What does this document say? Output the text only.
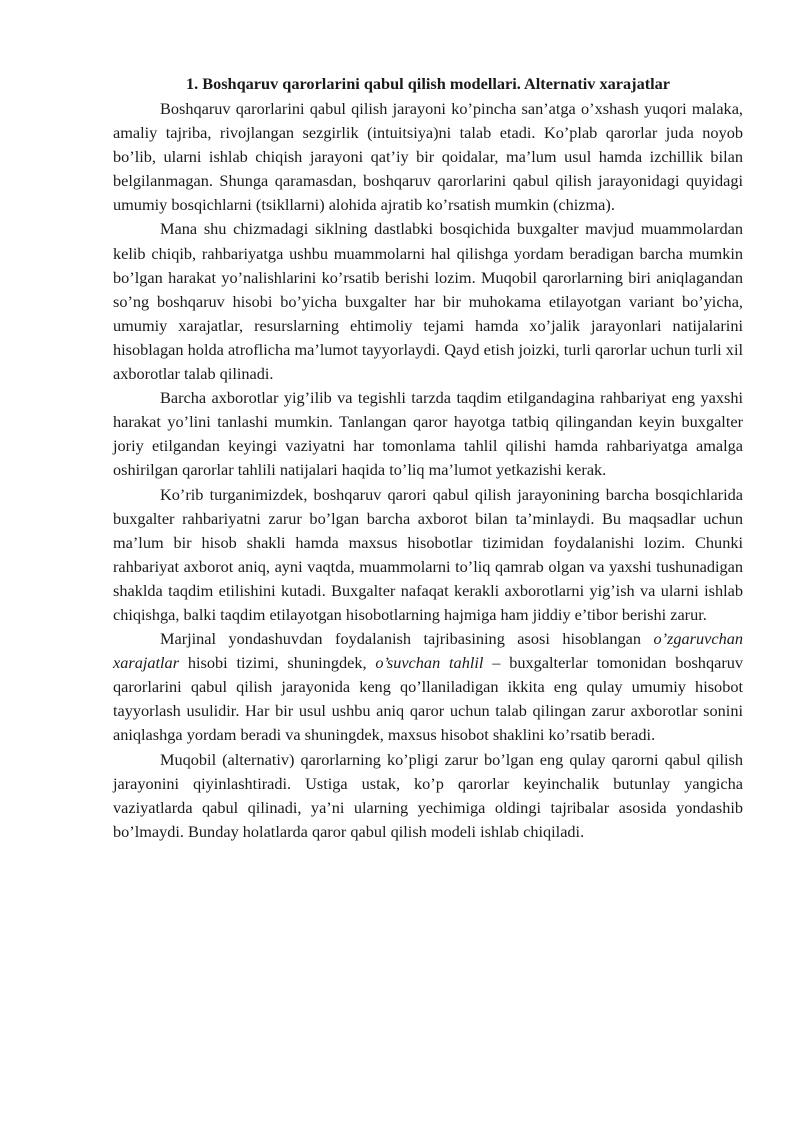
1. Boshqaruv qarorlarini qabul qilish modellari. Alternativ xarajatlar

Boshqaruv qarorlarini qabul qilish jarayoni ko’pincha san’atga o’xshash yuqori malaka, amaliy tajriba, rivojlangan sezgirlik (intuitsiya)ni talab etadi. Ko’plab qarorlar juda noyob bo’lib, ularni ishlab chiqish jarayoni qat’iy bir qoidalar, ma’lum usul hamda izchillik bilan belgilanmagan. Shunga qaramasdan, boshqaruv qarorlarini qabul qilish jarayonidagi quyidagi umumiy bosqichlarni (tsikllarni) alohida ajratib ko’rsatish mumkin (chizma).

Mana shu chizmadagi siklning dastlabki bosqichida buxgalter mavjud muammolardan kelib chiqib, rahbariyatga ushbu muammolarni hal qilishga yordam beradigan barcha mumkin bo’lgan harakat yo’nalishlarini ko’rsatib berishi lozim. Muqobil qarorlarning biri aniqlagandan so’ng boshqaruv hisobi bo’yicha buxgalter har bir muhokama etilayotgan variant bo’yicha, umumiy xarajatlar, resurslarning ehtimoliy tejami hamda xo’jalik jarayonlari natijalarini hisoblagan holda atroflicha ma’lumot tayyorlaydi. Qayd etish joizki, turli qarorlar uchun turli xil axborotlar talab qilinadi.

Barcha axborotlar yig’ilib va tegishli tarzda taqdim etilgandagina rahbariyat eng yaxshi harakat yo’lini tanlashi mumkin. Tanlangan qaror hayotga tatbiq qilingandan keyin buxgalter joriy etilgandan keyingi vaziyatni har tomonlama tahlil qilishi hamda rahbariyatga amalga oshirilgan qarorlar tahlili natijalari haqida to’liq ma’lumot yetkazishi kerak.

Ko’rib turganimizdek, boshqaruv qarori qabul qilish jarayonining barcha bosqichlarida buxgalter rahbariyatni zarur bo’lgan barcha axborot bilan ta’minlaydi. Bu maqsadlar uchun ma’lum bir hisob shakli hamda maxsus hisobotlar tizimidan foydalanishi lozim. Chunki rahbariyat axborot aniq, ayni vaqtda, muammolarni to’liq qamrab olgan va yaxshi tushunadigan shaklda taqdim etilishini kutadi. Buxgalter nafaqat kerakli axborotlarni yig’ish va ularni ishlab chiqishga, balki taqdim etilayotgan hisobotlarning hajmiga ham jiddiy e’tibor berishi zarur.

Marjinal yondashuvdan foydalanish tajribasining asosi hisoblangan o’zgaruvchan xarajatlar hisobi tizimi, shuningdek, o’suvchan tahlil – buxgalterlar tomonidan boshqaruv qarorlarini qabul qilish jarayonida keng qo’llaniladigan ikkita eng qulay umumiy hisobot tayyorlash usulidir. Har bir usul ushbu aniq qaror uchun talab qilingan zarur axborotlar sonini aniqlashga yordam beradi va shuningdek, maxsus hisobot shaklini ko’rsatib beradi.

Muqobil (alternativ) qarorlarning ko’pligi zarur bo’lgan eng qulay qarorni qabul qilish jarayonini qiyinlashtiradi. Ustiga ustak, ko’p qarorlar keyinchalik butunlay yangicha vaziyatlarda qabul qilinadi, ya’ni ularning yechimiga oldingi tajribalar asosida yondashib bo’lmaydi. Bunday holatlarda qaror qabul qilish modeli ishlab chiqiladi.
